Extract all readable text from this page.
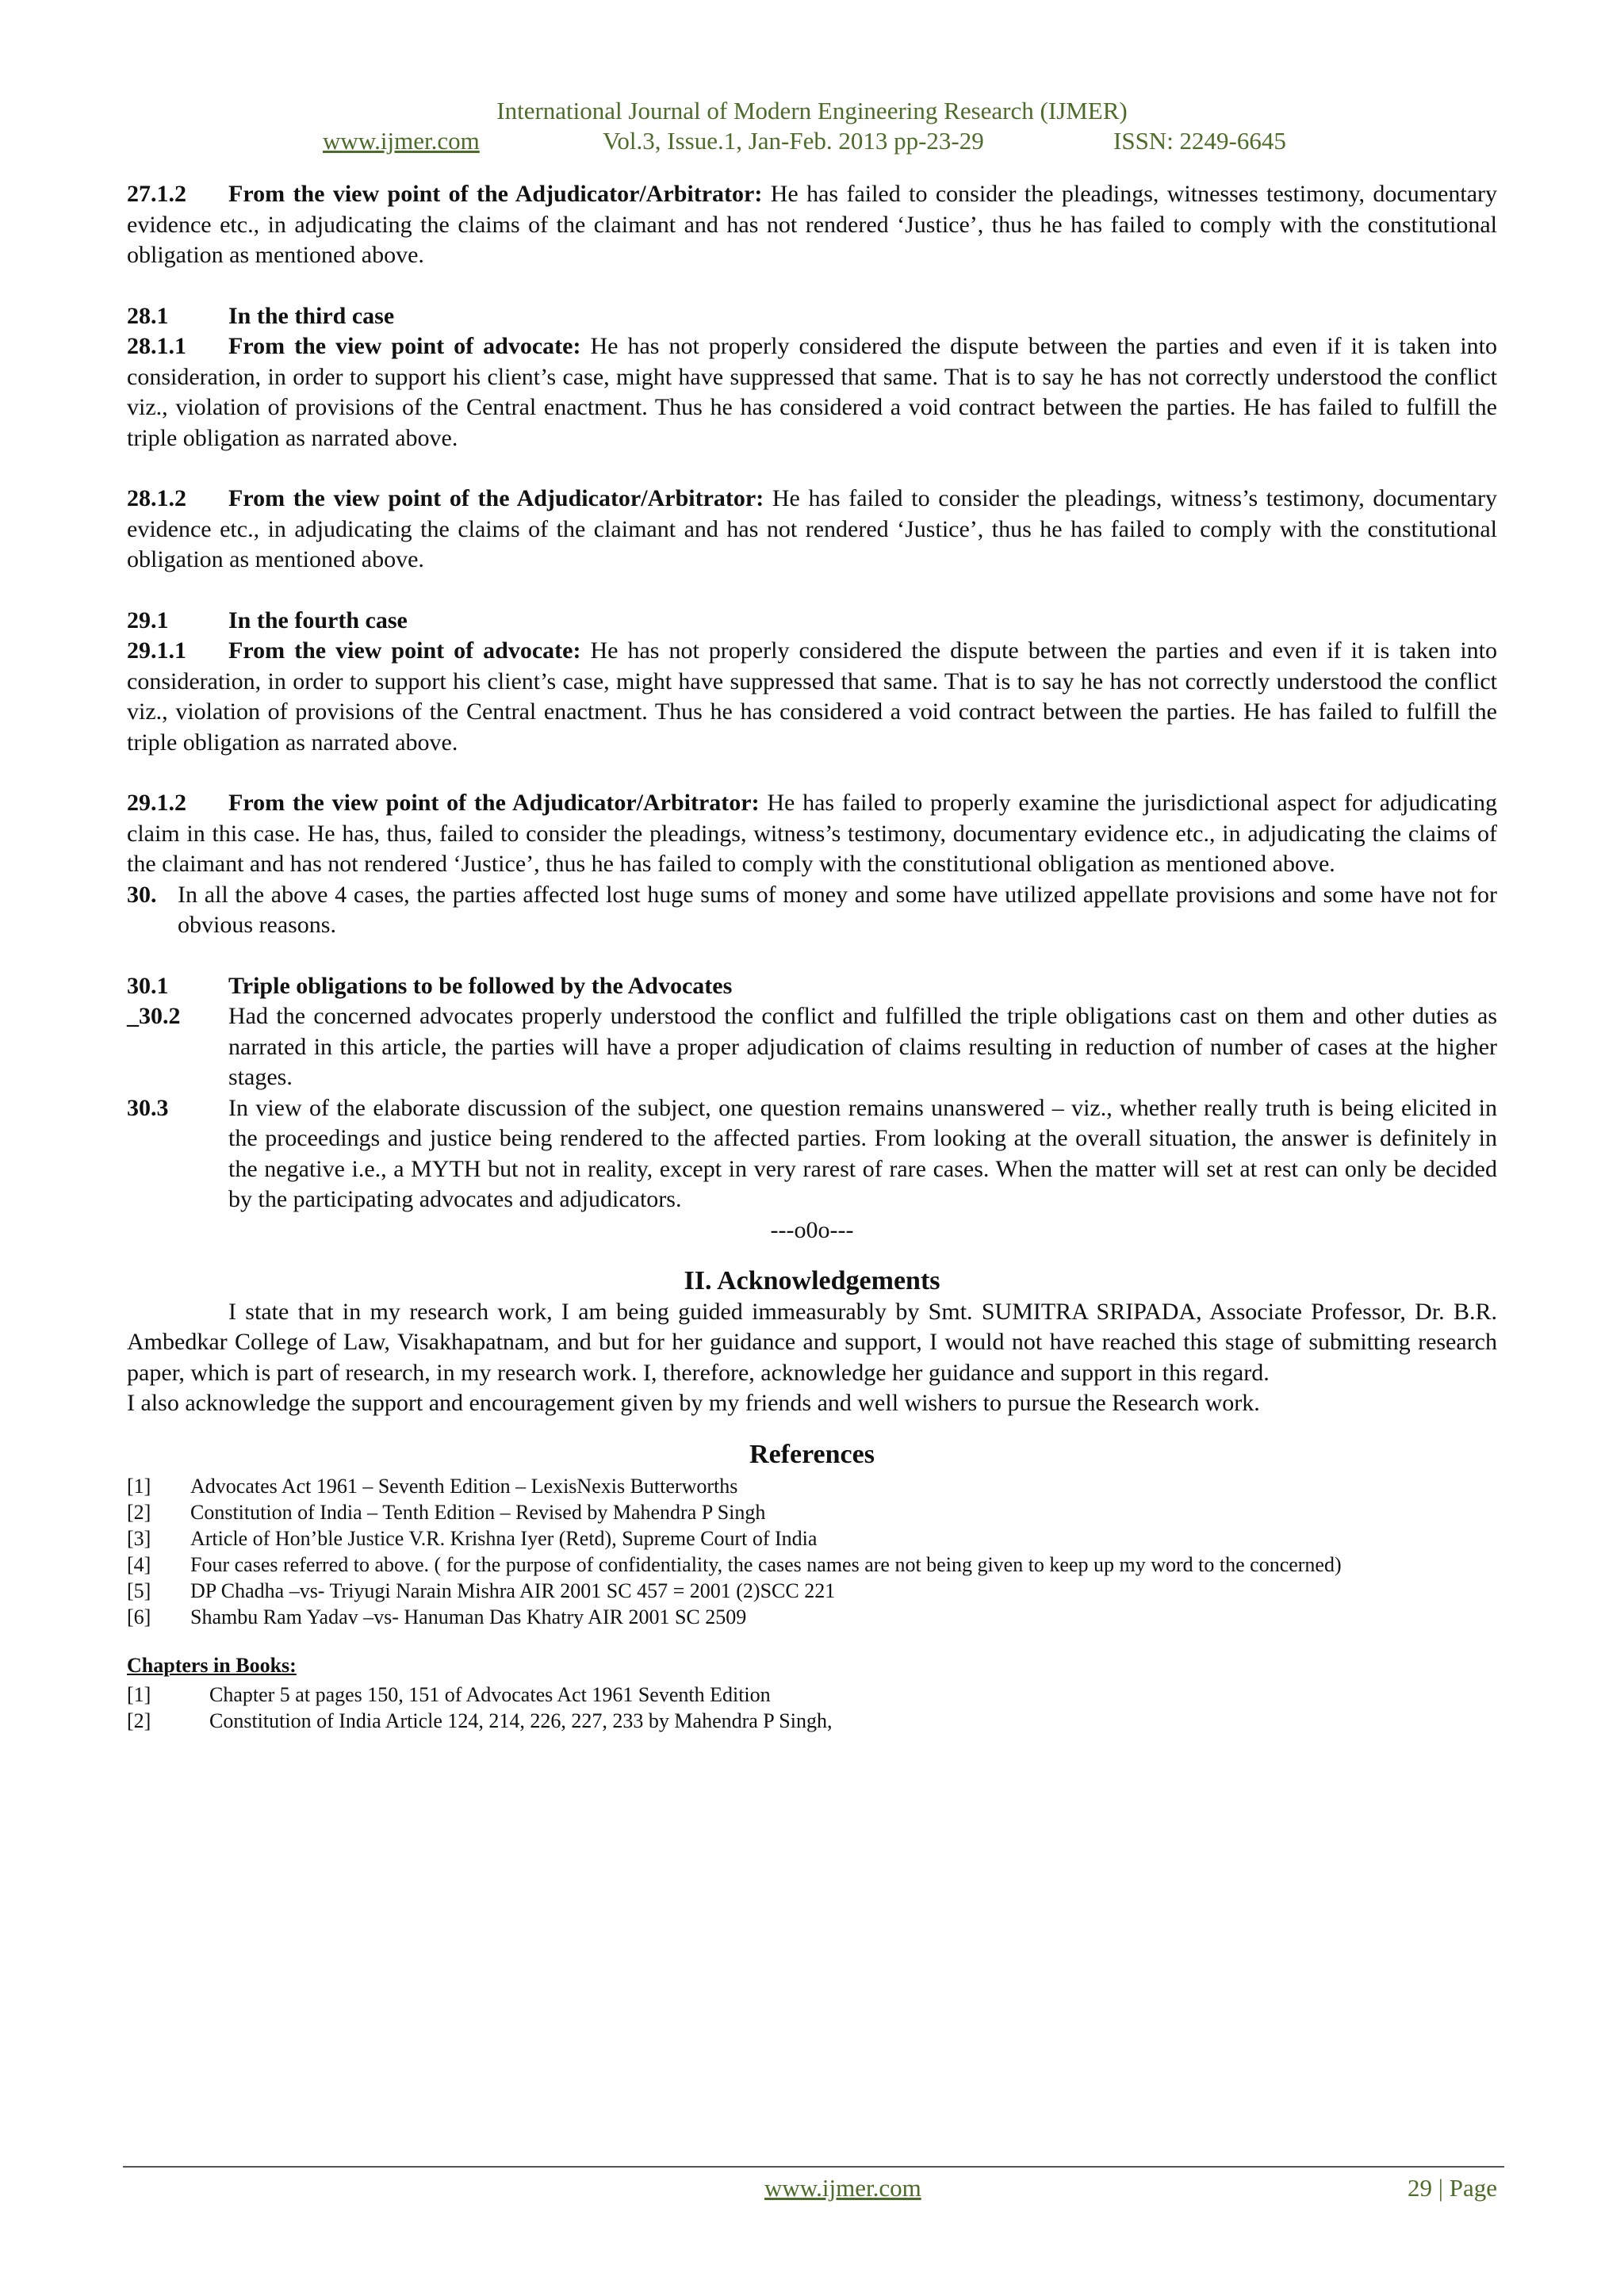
International Journal of Modern Engineering Research (IJMER)
www.ijmer.com	Vol.3, Issue.1, Jan-Feb. 2013 pp-23-29	ISSN: 2249-6645

27.1.2 From the view point of the Adjudicator/Arbitrator: He has failed to consider the pleadings, witnesses testimony, documentary evidence etc., in adjudicating the claims of the claimant and has not rendered ‘Justice’, thus he has failed to comply with the constitutional obligation as mentioned above.

28.1	In the third case

28.1.1 From the view point of advocate: He has not properly considered the dispute between the parties and even if it is taken into consideration, in order to support his client’s case, might have suppressed that same. That is to say he has not correctly understood the conflict viz., violation of provisions of the Central enactment. Thus he has considered a void contract between the parties. He has failed to fulfill the triple obligation as narrated above.

28.1.2 From the view point of the Adjudicator/Arbitrator: He has failed to consider the pleadings, witness’s testimony, documentary evidence etc., in adjudicating the claims of the claimant and has not rendered ‘Justice’, thus he has failed to comply with the constitutional obligation as mentioned above.

29.1	In the fourth case

29.1.1 From the view point of advocate: He has not properly considered the dispute between the parties and even if it is taken into consideration, in order to support his client’s case, might have suppressed that same. That is to say he has not correctly understood the conflict viz., violation of provisions of the Central enactment. Thus he has considered a void contract between the parties. He has failed to fulfill the triple obligation as narrated above.

29.1.2 From the view point of the Adjudicator/Arbitrator: He has failed to properly examine the jurisdictional aspect for adjudicating claim in this case. He has, thus, failed to consider the pleadings, witness’s testimony, documentary evidence etc., in adjudicating the claims of the claimant and has not rendered ‘Justice’, thus he has failed to comply with the constitutional obligation as mentioned above.

30. In all the above 4 cases, the parties affected lost huge sums of money and some have utilized appellate provisions and some have not for obvious reasons.

30.1	Triple obligations to be followed by the Advocates

_30.2	Had the concerned advocates properly understood the conflict and fulfilled the triple obligations cast on them and other duties as narrated in this article, the parties will have a proper adjudication of claims resulting in reduction of number of cases at the higher stages.
30.3	In view of the elaborate discussion of the subject, one question remains unanswered – viz., whether really truth is being elicited in the proceedings and justice being rendered to the affected parties. From looking at the overall situation, the answer is definitely in the negative i.e., a MYTH but not in reality, except in very rarest of rare cases. When the matter will set at rest can only be decided by the participating advocates and adjudicators.

---o0o---

II. Acknowledgements

I state that in my research work, I am being guided immeasurably by Smt. SUMITRA SRIPADA, Associate Professor, Dr. B.R. Ambedkar College of Law, Visakhapatnam, and but for her guidance and support, I would not have reached this stage of submitting research paper, which is part of research, in my research work. I, therefore, acknowledge her guidance and support in this regard.

I also acknowledge the support and encouragement given by my friends and well wishers to pursue the Research work.

References

[1]	Advocates Act 1961 – Seventh Edition – LexisNexis Butterworths
[2]	Constitution of India – Tenth Edition – Revised by Mahendra P Singh
[3]	Article of Hon’ble Justice V.R. Krishna Iyer (Retd), Supreme Court of India
[4]	Four cases referred to above. ( for the purpose of confidentiality, the cases names are not being given to keep up my word to the concerned)
[5]	DP Chadha –vs- Triyugi Narain Mishra AIR 2001 SC 457 = 2001 (2)SCC 221
[6]	Shambu Ram Yadav –vs- Hanuman Das Khatry AIR 2001 SC 2509

Chapters in Books:

[1]	Chapter 5 at pages 150, 151 of Advocates Act 1961 Seventh Edition
[2]	Constitution of India Article 124, 214, 226, 227, 233 by Mahendra P Singh,
www.ijmer.com	29 | Page
